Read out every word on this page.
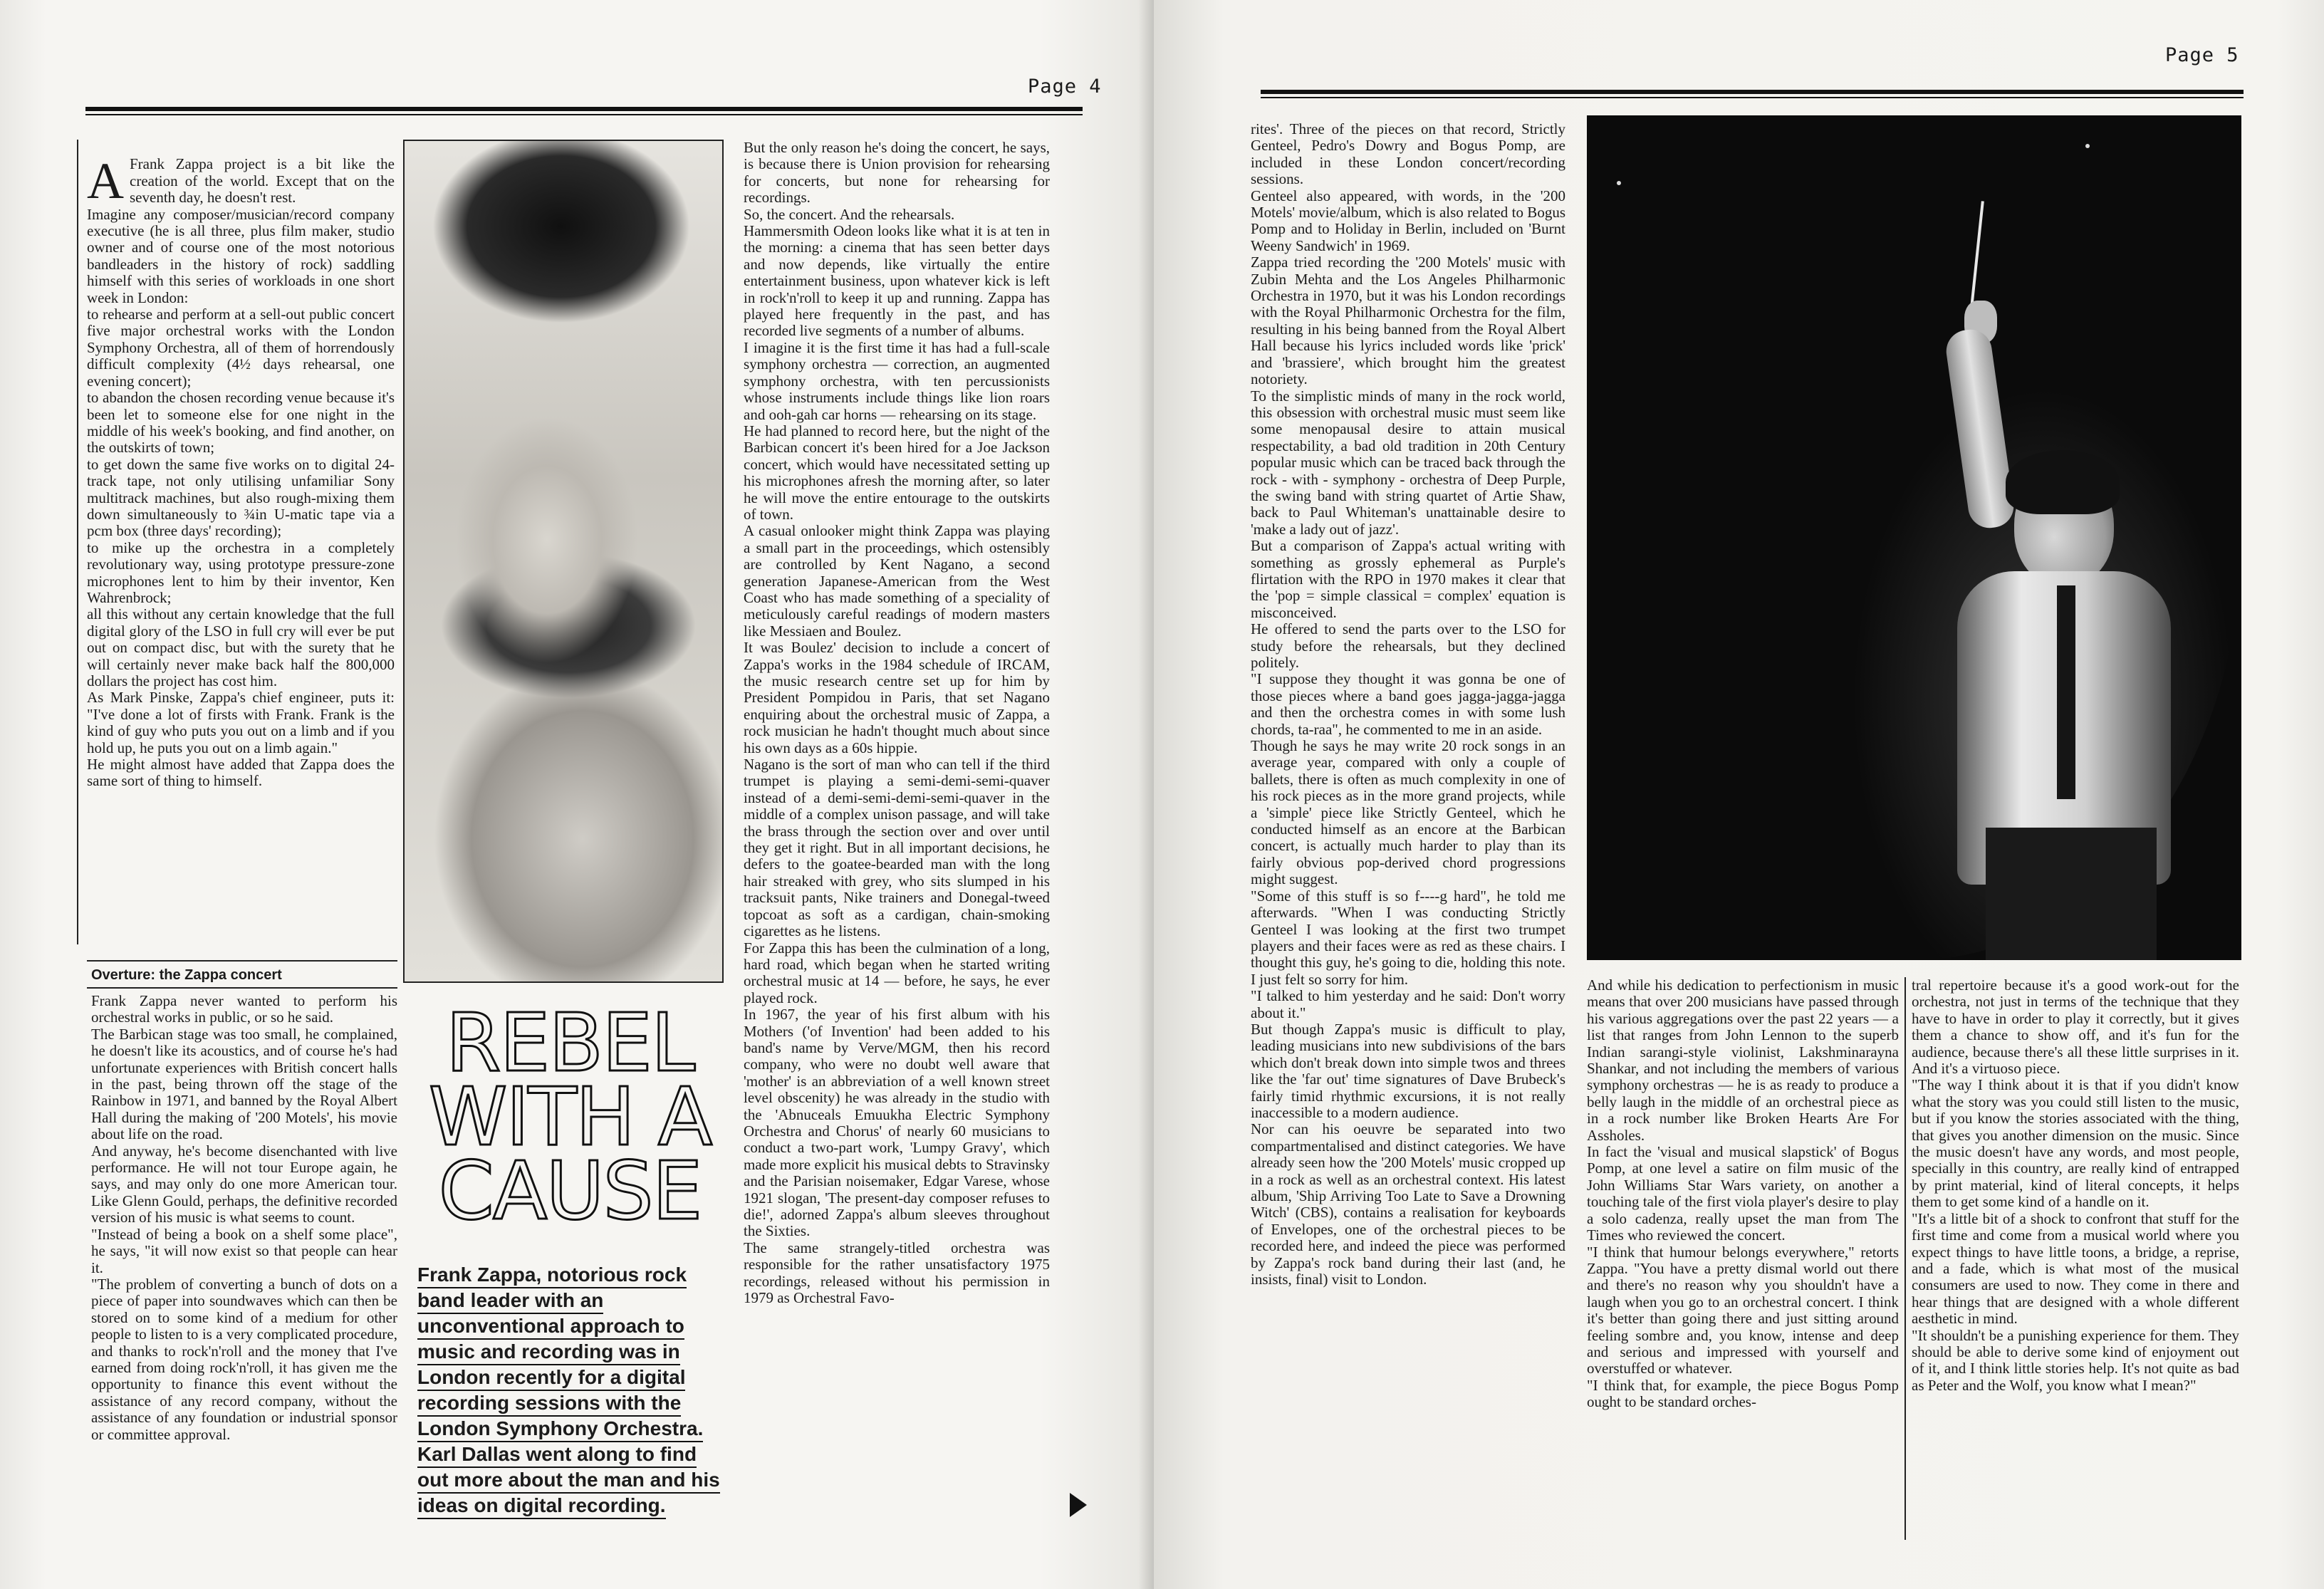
Page 4

A Frank Zappa project is a bit like the creation of the world. Except that on the seventh day, he doesn't rest.
Imagine any composer/musician/record company executive (he is all three, plus film maker, studio owner and of course one of the most notorious bandleaders in the history of rock) saddling himself with this series of workloads in one short week in London:
to rehearse and perform at a sell-out public concert five major orchestral works with the London Symphony Orchestra, all of them of horrendously difficult complexity (4½ days rehearsal, one evening concert);
to abandon the chosen recording venue because it's been let to someone else for one night in the middle of his week's booking, and find another, on the outskirts of town;
to get down the same five works on to digital 24-track tape, not only utilising unfamiliar Sony multitrack machines, but also rough-mixing them down simultaneously to ¾in U-matic tape via a pcm box (three days' recording);
to mike up the orchestra in a completely revolutionary way, using prototype pressure-zone microphones lent to him by their inventor, Ken Wahrenbrock;
all this without any certain knowledge that the full digital glory of the LSO in full cry will ever be put out on compact disc, but with the surety that he will certainly never make back half the 800,000 dollars the project has cost him.
As Mark Pinske, Zappa's chief engineer, puts it: "I've done a lot of firsts with Frank. Frank is the kind of guy who puts you out on a limb and if you hold up, he puts you out on a limb again."
He might almost have added that Zappa does the same sort of thing to himself.

Overture: the Zappa concert
Frank Zappa never wanted to perform his orchestral works in public, or so he said.
The Barbican stage was too small, he complained, he doesn't like its acoustics, and of course he's had unfortunate experiences with British concert halls in the past, being thrown off the stage of the Rainbow in 1971, and banned by the Royal Albert Hall during the making of '200 Motels', his movie about life on the road.
And anyway, he's become disenchanted with live performance. He will not tour Europe again, he says, and may only do one more American tour. Like Glenn Gould, perhaps, the definitive recorded version of his music is what seems to count.
"Instead of being a book on a shelf some place", he says, "it will now exist so that people can hear it.
"The problem of converting a bunch of dots on a piece of paper into soundwaves which can then be stored on to some kind of a medium for other people to listen to is a very complicated procedure, and thanks to rock'n'roll and the money that I've earned from doing rock'n'roll, it has given me the opportunity to finance this event without the assistance of any record company, without the assistance of any foundation or industrial sponsor or committee approval.
REBEL WITH A CAUSE
Frank Zappa, notorious rock band leader with an unconventional approach to music and recording was in London recently for a digital recording sessions with the London Symphony Orchestra. Karl Dallas went along to find out more about the man and his ideas on digital recording.
But the only reason he's doing the concert, he says, is because there is Union provision for rehearsing for concerts, but none for rehearsing for recordings.
So, the concert. And the rehearsals.
Hammersmith Odeon looks like what it is at ten in the morning: a cinema that has seen better days and now depends, like virtually the entire entertainment business, upon whatever kick is left in rock'n'roll to keep it up and running. Zappa has played here frequently in the past, and has recorded live segments of a number of albums.
I imagine it is the first time it has had a full-scale symphony orchestra — correction, an augmented symphony orchestra, with ten percussionists whose instruments include things like lion roars and ooh-gah car horns — rehearsing on its stage.
He had planned to record here, but the night of the Barbican concert it's been hired for a Joe Jackson concert, which would have necessitated setting up his microphones afresh the morning after, so later he will move the entire entourage to the outskirts of town.
A casual onlooker might think Zappa was playing a small part in the proceedings, which ostensibly are controlled by Kent Nagano, a second generation Japanese-American from the West Coast who has made something of a speciality of meticulously careful readings of modern masters like Messiaen and Boulez.
It was Boulez' decision to include a concert of Zappa's works in the 1984 schedule of IRCAM, the music research centre set up for him by President Pompidou in Paris, that set Nagano enquiring about the orchestral music of Zappa, a rock musician he hadn't thought much about since his own days as a 60s hippie.
Nagano is the sort of man who can tell if the third trumpet is playing a semi-demi-semi-quaver instead of a demi-semi-demi-semi-quaver in the middle of a complex unison passage, and will take the brass through the section over and over until they get it right. But in all important decisions, he defers to the goatee-bearded man with the long hair streaked with grey, who sits slumped in his tracksuit pants, Nike trainers and Donegal-tweed topcoat as soft as a cardigan, chain-smoking cigarettes as he listens.
For Zappa this has been the culmination of a long, hard road, which began when he started writing orchestral music at 14 — before, he says, he ever played rock.
In 1967, the year of his first album with his Mothers ('of Invention' had been added to his band's name by Verve/MGM, then his record company, who were no doubt well aware that 'mother' is an abbreviation of a well known street level obscenity) he was already in the studio with the 'Abnuceals Emuukha Electric Symphony Orchestra and Chorus' of nearly 60 musicians to conduct a two-part work, 'Lumpy Gravy', which made more explicit his musical debts to Stravinsky and the Parisian noisemaker, Edgar Varese, whose 1921 slogan, 'The present-day composer refuses to die!', adorned Zappa's album sleeves throughout the Sixties.
The same strangely-titled orchestra was responsible for the rather unsatisfactory 1975 recordings, released without his permission in 1979 as Orchestral Favo-
Page 5
rites'. Three of the pieces on that record, Strictly Genteel, Pedro's Dowry and Bogus Pomp, are included in these London concert/recording sessions.
Genteel also appeared, with words, in the '200 Motels' movie/album, which is also related to Bogus Pomp and to Holiday in Berlin, included on 'Burnt Weeny Sandwich' in 1969.
Zappa tried recording the '200 Motels' music with Zubin Mehta and the Los Angeles Philharmonic Orchestra in 1970, but it was his London recordings with the Royal Philharmonic Orchestra for the film, resulting in his being banned from the Royal Albert Hall because his lyrics included words like 'prick' and 'brassiere', which brought him the greatest notoriety.
To the simplistic minds of many in the rock world, this obsession with orchestral music must seem like some menopausal desire to attain musical respectability, a bad old tradition in 20th Century popular music which can be traced back through the rock - with - symphony - orchestra of Deep Purple, the swing band with string quartet of Artie Shaw, back to Paul Whiteman's unattainable desire to 'make a lady out of jazz'.
But a comparison of Zappa's actual writing with something as grossly ephemeral as Purple's flirtation with the RPO in 1970 makes it clear that the 'pop = simple classical = complex' equation is misconceived.
He offered to send the parts over to the LSO for study before the rehearsals, but they declined politely.
"I suppose they thought it was gonna be one of those pieces where a band goes jagga-jagga-jagga and then the orchestra comes in with some lush chords, ta-raa", he commented to me in an aside.
Though he says he may write 20 rock songs in an average year, compared with only a couple of ballets, there is often as much complexity in one of his rock pieces as in the more grand projects, while a 'simple' piece like Strictly Genteel, which he conducted himself as an encore at the Barbican concert, is actually much harder to play than its fairly obvious pop-derived chord progressions might suggest.
"Some of this stuff is so f----g hard", he told me afterwards. "When I was conducting Strictly Genteel I was looking at the first two trumpet players and their faces were as red as these chairs. I thought this guy, he's going to die, holding this note. I just felt so sorry for him.
"I talked to him yesterday and he said: Don't worry about it."
But though Zappa's music is difficult to play, leading musicians into new subdivisions of the bars which don't break down into simple twos and threes like the 'far out' time signatures of Dave Brubeck's fairly timid rhythmic excursions, it is not really inaccessible to a modern audience.
Nor can his oeuvre be separated into two compartmentalised and distinct categories. We have already seen how the '200 Motels' music cropped up in a rock as well as an orchestral context. His latest album, 'Ship Arriving Too Late to Save a Drowning Witch' (CBS), contains a realisation for keyboards of Envelopes, one of the orchestral pieces to be recorded here, and indeed the piece was performed by Zappa's rock band during their last (and, he insists, final) visit to London.
And while his dedication to perfectionism in music means that over 200 musicians have passed through his various aggregations over the past 22 years — a list that ranges from John Lennon to the superb Indian sarangi-style violinist, Lakshminarayna Shankar, and not including the members of various symphony orchestras — he is as ready to produce a belly laugh in the middle of an orchestral piece as in a rock number like Broken Hearts Are For Assholes.
In fact the 'visual and musical slapstick' of Bogus Pomp, at one level a satire on film music of the John Williams Star Wars variety, on another a touching tale of the first viola player's desire to play a solo cadenza, really upset the man from The Times who reviewed the concert.
"I think that humour belongs everywhere," retorts Zappa. "You have a pretty dismal world out there and there's no reason why you shouldn't have a laugh when you go to an orchestral concert. I think it's better than going there and just sitting around feeling sombre and, you know, intense and deep and serious and impressed with yourself and overstuffed or whatever.
"I think that, for example, the piece Bogus Pomp ought to be standard orches-
tral repertoire because it's a good work-out for the orchestra, not just in terms of the technique that they have to have in order to play it correctly, but it gives them a chance to show off, and it's fun for the audience, because there's all these little surprises in it. And it's a virtuoso piece.
"The way I think about it is that if you didn't know what the story was you could still listen to the music, but if you know the stories associated with the thing, that gives you another dimension on the music. Since the music doesn't have any words, and most people, specially in this country, are really kind of entrapped by print material, kind of literal concepts, it helps them to get some kind of a handle on it.
"It's a little bit of a shock to confront that stuff for the first time and come from a musical world where you expect things to have little toons, a bridge, a reprise, and a fade, which is what most of the musical consumers are used to now. They come in there and hear things that are designed with a whole different aesthetic in mind.
"It shouldn't be a punishing experience for them. They should be able to derive some kind of enjoyment out of it, and I think little stories help. It's not quite as bad as Peter and the Wolf, you know what I mean?"
